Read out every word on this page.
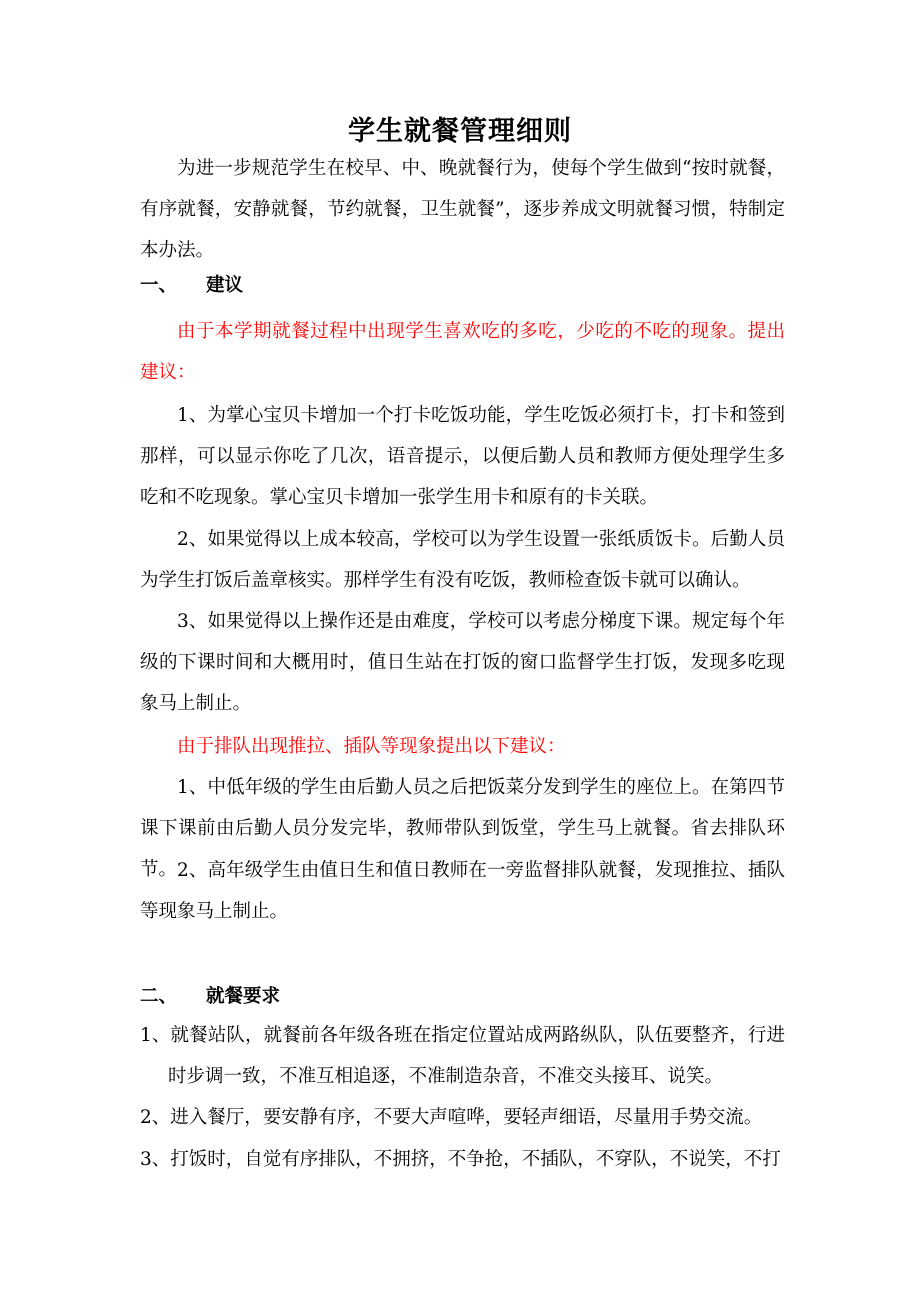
学生就餐管理细则

为进一步规范学生在校早、中、晚就餐行为，使每个学生做到“按时就餐，有序就餐，安静就餐，节约就餐，卫生就餐”，逐步养成文明就餐习惯，特制定本办法。

一、 建议

由于本学期就餐过程中出现学生喜欢吃的多吃，少吃的不吃的现象。提出建议：

1、为掌心宝贝卡增加一个打卡吃饭功能，学生吃饭必须打卡，打卡和签到那样，可以显示你吃了几次，语音提示，以便后勤人员和教师方便处理学生多吃和不吃现象。掌心宝贝卡增加一张学生用卡和原有的卡关联。

2、如果觉得以上成本较高，学校可以为学生设置一张纸质饭卡。后勤人员为学生打饭后盖章核实。那样学生有没有吃饭，教师检查饭卡就可以确认。

3、如果觉得以上操作还是由难度，学校可以考虑分梯度下课。规定每个年级的下课时间和大概用时，值日生站在打饭的窗口监督学生打饭，发现多吃现象马上制止。

由于排队出现推拉、插队等现象提出以下建议：

1、中低年级的学生由后勤人员之后把饭菜分发到学生的座位上。在第四节课下课前由后勤人员分发完毕，教师带队到饭堂，学生马上就餐。省去排队环节。 2、高年级学生由值日生和值日教师在一旁监督排队就餐，发现推拉、插队等现象马上制止。

二、 就餐要求

1、就餐站队，就餐前各年级各班在指定位置站成两路纵队，队伍要整齐，行进时步调一致，不准互相追逐，不准制造杂音，不准交头接耳、说笑。

2、进入餐厅，要安静有序，不要大声喧哗，要轻声细语，尽量用手势交流。

3、打饭时，自觉有序排队，不拥挤，不争抢，不插队，不穿队，不说笑，不打
